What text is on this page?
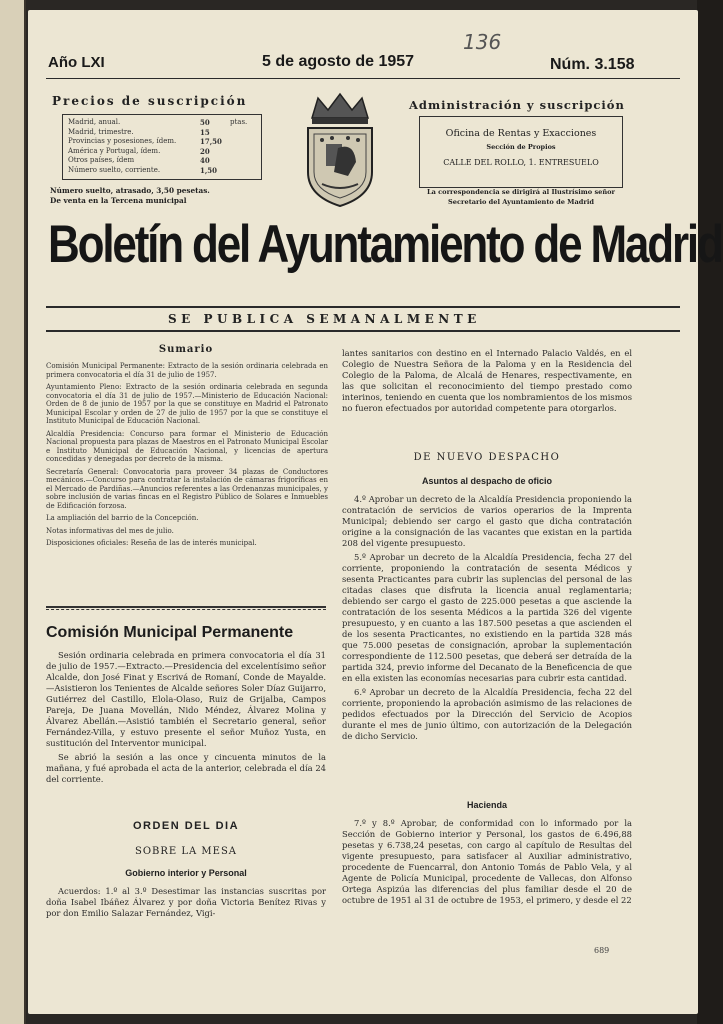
Año LXI	5 de agosto de 1957	Núm. 3.158
136
Precios de suscripción
Madrid, anual.	50	ptas.
Madrid, trimestre.	15
Provincias y posesiones, ídem.	17,50
América y Portugal, ídem.	20
Otros países, ídem	40
Número suelto, corriente.	1,50
Número suelto, atrasado, 3,50 pesetas.
De venta en la Tercena municipal
Administración y suscripción
Oficina de Rentas y Exacciones
Sección de Propios
CALLE DEL ROLLO, 1. ENTRESUELO
La correspondencia se dirigirá al Ilustrísimo señor Secretario del Ayuntamiento de Madrid
Boletín del Ayuntamiento de Madrid
SE PUBLICA SEMANALMENTE
Sumario
Comisión Municipal Permanente: Extracto de la sesión ordinaria celebrada en primera convocatoria el día 31 de julio de 1957.
Ayuntamiento Pleno: Extracto de la sesión ordinaria celebrada en segunda convocatoria el día 31 de julio de 1957.—Ministerio de Educación Nacional: Orden de 8 de junio de 1957 por la que se constituye en Madrid el Patronato Municipal Escolar y orden de 27 de julio de 1957 por la que se constituye el Instituto Municipal de Educación Nacional.
Alcaldía Presidencia: Concurso para formar el Ministerio de Educación Nacional propuesta para plazas de Maestros en el Patronato Municipal Escolar e Instituto Municipal de Educación Nacional, y licencias de apertura concedidas y denegadas por decreto de la misma.
Secretaría General: Convocatoria para proveer 34 plazas de Conductores mecánicos.—Concurso para contratar la instalación de cámaras frigoríficas en el Mercado de Pardiñas.—Anuncios referentes a las Ordenanzas municipales, y sobre inclusión de varias fincas en el Registro Público de Solares e Inmuebles de Edificación forzosa.
La ampliación del barrio de la Concepción.
Notas informativas del mes de julio.
Disposiciones oficiales: Reseña de las de interés municipal.
Comisión Municipal Permanente

Sesión ordinaria celebrada en primera convocatoria el día 31 de julio de 1957.—Extracto.—Presidencia del excelentísimo señor Alcalde, don José Finat y Escrivá de Romaní, Conde de Mayalde.—Asistieron los Tenientes de Alcalde señores Soler Díaz Guijarro, Gutiérrez del Castillo, Elola-Olaso, Ruiz de Grijalba, Campos Pareja, De Juana Movellán, Nido Méndez, Álvarez Molina y Álvarez Abellán.—Asistió también el Secretario general, señor Fernández-Villa, y estuvo presente el señor Muñoz Yusta, en sustitución del Interventor municipal.

Se abrió la sesión a las once y cincuenta minutos de la mañana, y fué aprobada el acta de la anterior, celebrada el día 24 del corriente.

ORDEN DEL DIA
SOBRE LA MESA
Gobierno interior y Personal

Acuerdos: 1.º al 3.º Desestimar las instancias suscritas por doña Isabel Ibáñez Álvarez y por doña Victoria Benítez Rivas y por don Emilio Salazar Fernández, Vigi-

lantes sanitarios con destino en el Internado Palacio Valdés, en el Colegio de Nuestra Señora de la Paloma y en la Residencia del Colegio de la Paloma, de Alcalá de Henares, respectivamente, en las que solicitan el reconocimiento del tiempo prestado como interinos, teniendo en cuenta que los nombramientos de los mismos no fueron efectuados por autoridad competente para otorgarlos.

DE NUEVO DESPACHO
Asuntos al despacho de oficio

4.º Aprobar un decreto de la Alcaldía Presidencia proponiendo la contratación de servicios de varios operarios de la Imprenta Municipal; debiendo ser cargo el gasto que dicha contratación origine a la consignación de las vacantes que existan en la partida 208 del vigente presupuesto.

5.º Aprobar un decreto de la Alcaldía Presidencia, fecha 27 del corriente, proponiendo la contratación de sesenta Médicos y sesenta Practicantes para cubrir las suplencias del personal de las citadas clases que disfruta la licencia anual reglamentaria; debiendo ser cargo el gasto de 225.000 pesetas a que asciende la contratación de los sesenta Médicos a la partida 326 del vigente presupuesto, y en cuanto a las 187.500 pesetas a que ascienden el de los sesenta Practicantes, no existiendo en la partida 328 más que 75.000 pesetas de consignación, aprobar la suplementación correspondiente de 112.500 pesetas, que deberá ser detraída de la partida 324, previo informe del Decanato de la Beneficencia de que en ella existen las economías necesarias para cubrir esta cantidad.

6.º Aprobar un decreto de la Alcaldía Presidencia, fecha 22 del corriente, proponiendo la aprobación asimismo de las relaciones de pedidos efectuados por la Dirección del Servicio de Acopios durante el mes de junio último, con autorización de la Delegación de dicho Servicio.

Hacienda

7.º y 8.º Aprobar, de conformidad con lo informado por la Sección de Gobierno interior y Personal, los gastos de 6.496,88 pesetas y 6.738,24 pesetas, con cargo al capítulo de Resultas del vigente presupuesto, para satisfacer al Auxiliar administrativo, procedente de Fuencarral, don Antonio Tomás de Pablo Vela, y al Agente de Policía Municipal, procedente de Vallecas, don Alfonso Ortega Aspizúa las diferencias del plus familiar desde el 20 de octubre de 1951 al 31 de octubre de 1953, el primero, y desde el 22

689
